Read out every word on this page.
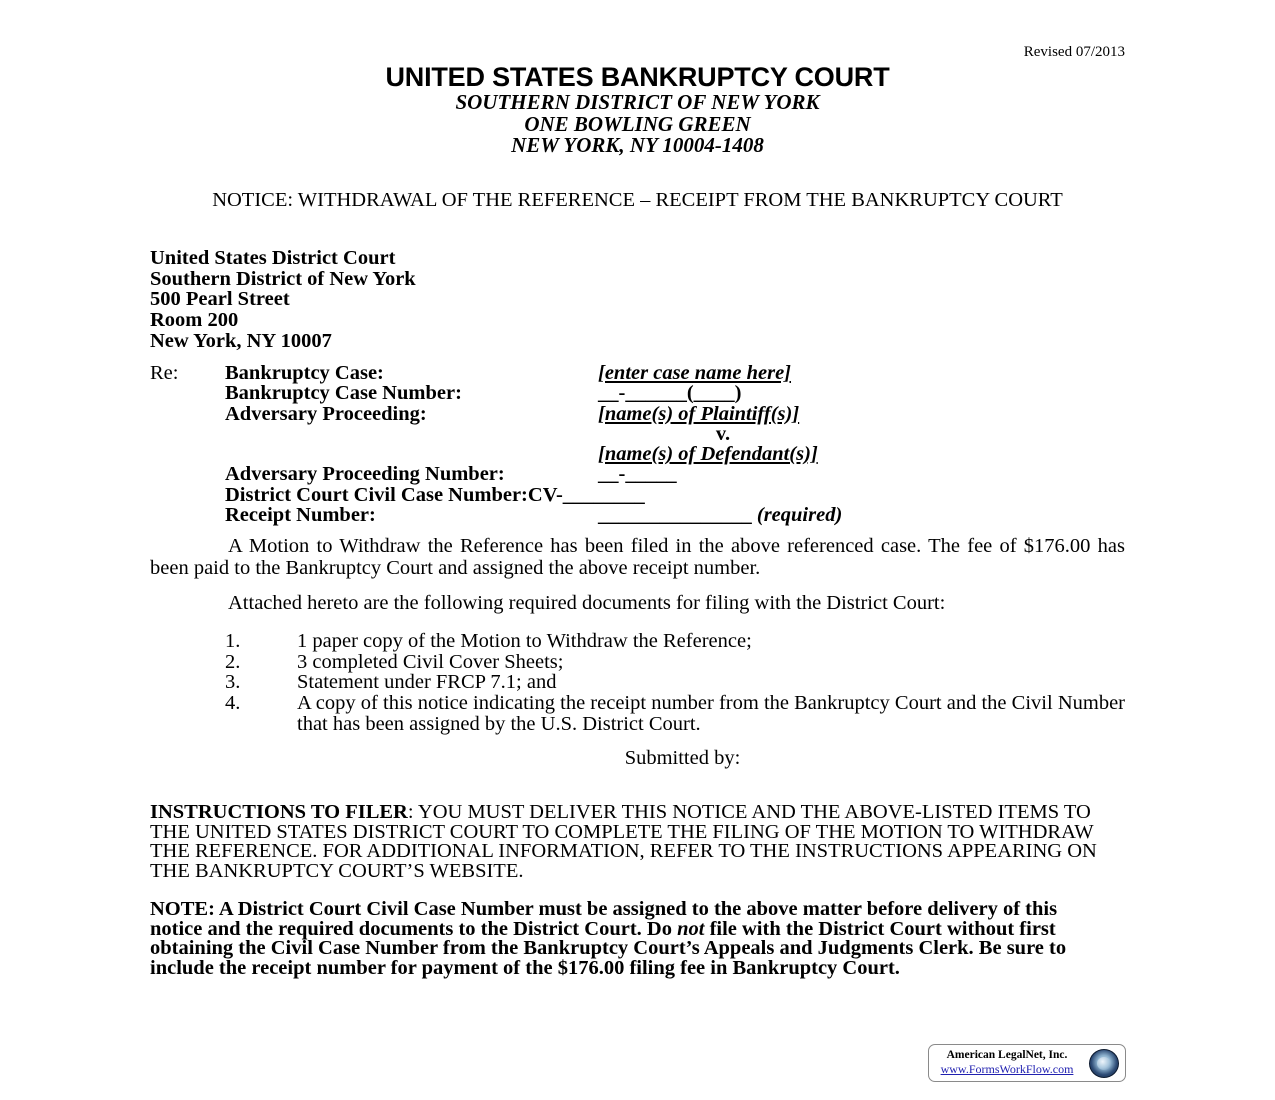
Revised 07/2013
UNITED STATES BANKRUPTCY COURT
SOUTHERN DISTRICT OF NEW YORK
ONE BOWLING GREEN
NEW YORK, NY 10004-1408
NOTICE: WITHDRAWAL OF THE REFERENCE – RECEIPT FROM THE BANKRUPTCY COURT
United States District Court
Southern District of New York
500 Pearl Street
Room 200
New York, NY 10007
Re:	Bankruptcy Case:	[enter case name here]
Bankruptcy Case Number:	__-______(____)
Adversary Proceeding:	[name(s) of Plaintiff(s)]
v.
[name(s) of Defendant(s)]
Adversary Proceeding Number:	__-_____
District Court Civil Case Number: CV-________
Receipt Number:	_______________ (required)
A Motion to Withdraw the Reference has been filed in the above referenced case. The fee of $176.00 has been paid to the Bankruptcy Court and assigned the above receipt number.
Attached hereto are the following required documents for filing with the District Court:
1.	1 paper copy of the Motion to Withdraw the Reference;
2.	3 completed Civil Cover Sheets;
3.	Statement under FRCP 7.1; and
4.	A copy of this notice indicating the receipt number from the Bankruptcy Court and the Civil Number that has been assigned by the U.S. District Court.
Submitted by:
INSTRUCTIONS TO FILER: YOU MUST DELIVER THIS NOTICE AND THE ABOVE-LISTED ITEMS TO THE UNITED STATES DISTRICT COURT TO COMPLETE THE FILING OF THE MOTION TO WITHDRAW THE REFERENCE. FOR ADDITIONAL INFORMATION, REFER TO THE INSTRUCTIONS APPEARING ON THE BANKRUPTCY COURT’S WEBSITE.
NOTE: A District Court Civil Case Number must be assigned to the above matter before delivery of this notice and the required documents to the District Court. Do not file with the District Court without first obtaining the Civil Case Number from the Bankruptcy Court’s Appeals and Judgments Clerk. Be sure to include the receipt number for payment of the $176.00 filing fee in Bankruptcy Court.
American LegalNet, Inc.
www.FormsWorkFlow.com
